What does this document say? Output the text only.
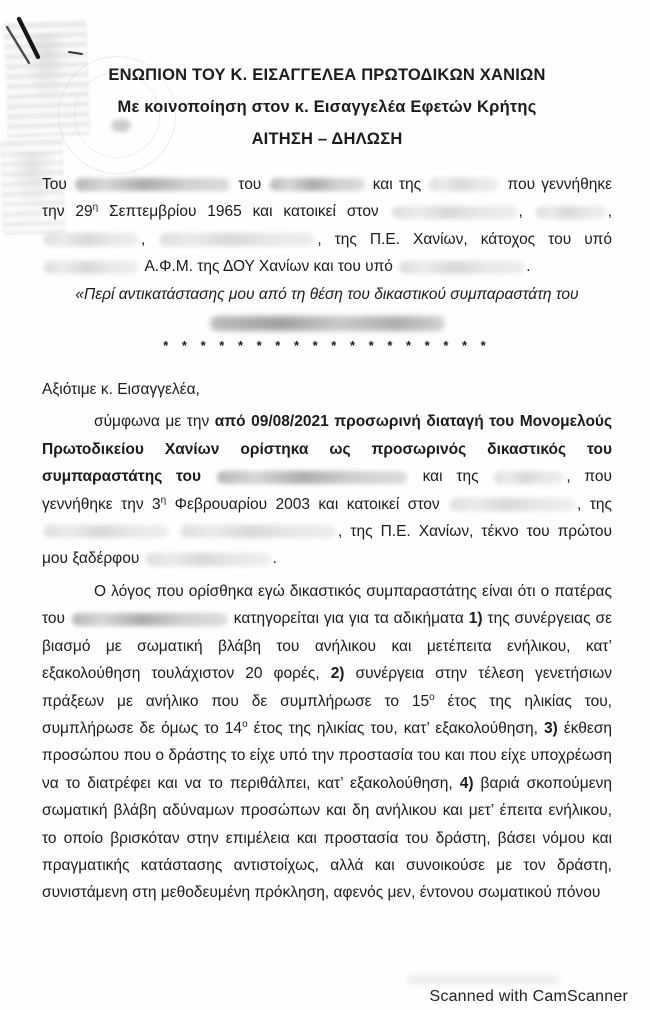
ΕΝΩΠΙΟΝ ΤΟΥ Κ. ΕΙΣΑΓΓΕΛΕΑ ΠΡΩΤΟΔΙΚΩΝ ΧΑΝΙΩΝ

Με κοινοποίηση στον κ. Εισαγγελέα Εφετών Κρήτης

ΑΙΤΗΣΗ – ΔΗΛΩΣΗ

Του	του	και της	που γεννήθηκε την $29^\eta$ Σεπτεμβρίου 1965 και κατοικεί στον	,	, ,	, της Π.Ε. Χανίων, κάτοχος του υπό  Α.Φ.Μ. της ΔΟΥ Χανίων και του υπό	.

«Περί αντικατάστασης μου από τη θέση του δικαστικού συμπαραστάτη του

* * * * * * * * * * * * * * * * * *

Αξιότιμε κ. Εισαγγελέα,

σύμφωνα με την από 09/08/2021 προσωρινή διαταγή του Μονομελούς Πρωτοδικείου Χανίων ορίστηκα ως προσωρινός δικαστικός του συμπαραστάτης του	και της	, που γεννήθηκε την $3^\eta$ Φεβρουαρίου 2003 και κατοικεί στον	, της  , της Π.Ε. Χανίων, τέκνο του πρώτου μου ξαδέρφου	.

Ο λόγος που ορίσθηκα εγώ δικαστικός συμπαραστάτης είναι ότι ο πατέρας του	κατηγορείται για για τα αδικήματα 1) της συνέργειας σε βιασμό με σωματική βλάβη του ανήλικου και μετέπειτα ενήλικου, κατ’ εξακολούθηση τουλάχιστον 20 φορές, 2) συνέργεια στην τέλεση γενετήσιων πράξεων με ανήλικο που δε συμπλήρωσε το $15^o$ έτος της ηλικίας του, συμπλήρωσε δε όμως το $14^o$ έτος της ηλικίας του, κατ’ εξακολούθηση, 3) έκθεση προσώπου που ο δράστης το είχε υπό την προστασία του και που είχε υποχρέωση να το διατρέφει και να το περιθάλπει, κατ’ εξακολούθηση, 4) βαριά σκοπούμενη σωματική βλάβη αδύναμων προσώπων και δη ανήλικου και μετ’ έπειτα ενήλικου, το οποίο βρισκόταν στην επιμέλεια και προστασία του δράστη, βάσει νόμου και πραγματικής κατάστασης αντιστοίχως, αλλά και συνοικούσε με τον δράστη, συνιστάμενη στη μεθοδευμένη πρόκληση, αφενός μεν, έντονου σωματικού πόνου

Scanned with CamScanner
